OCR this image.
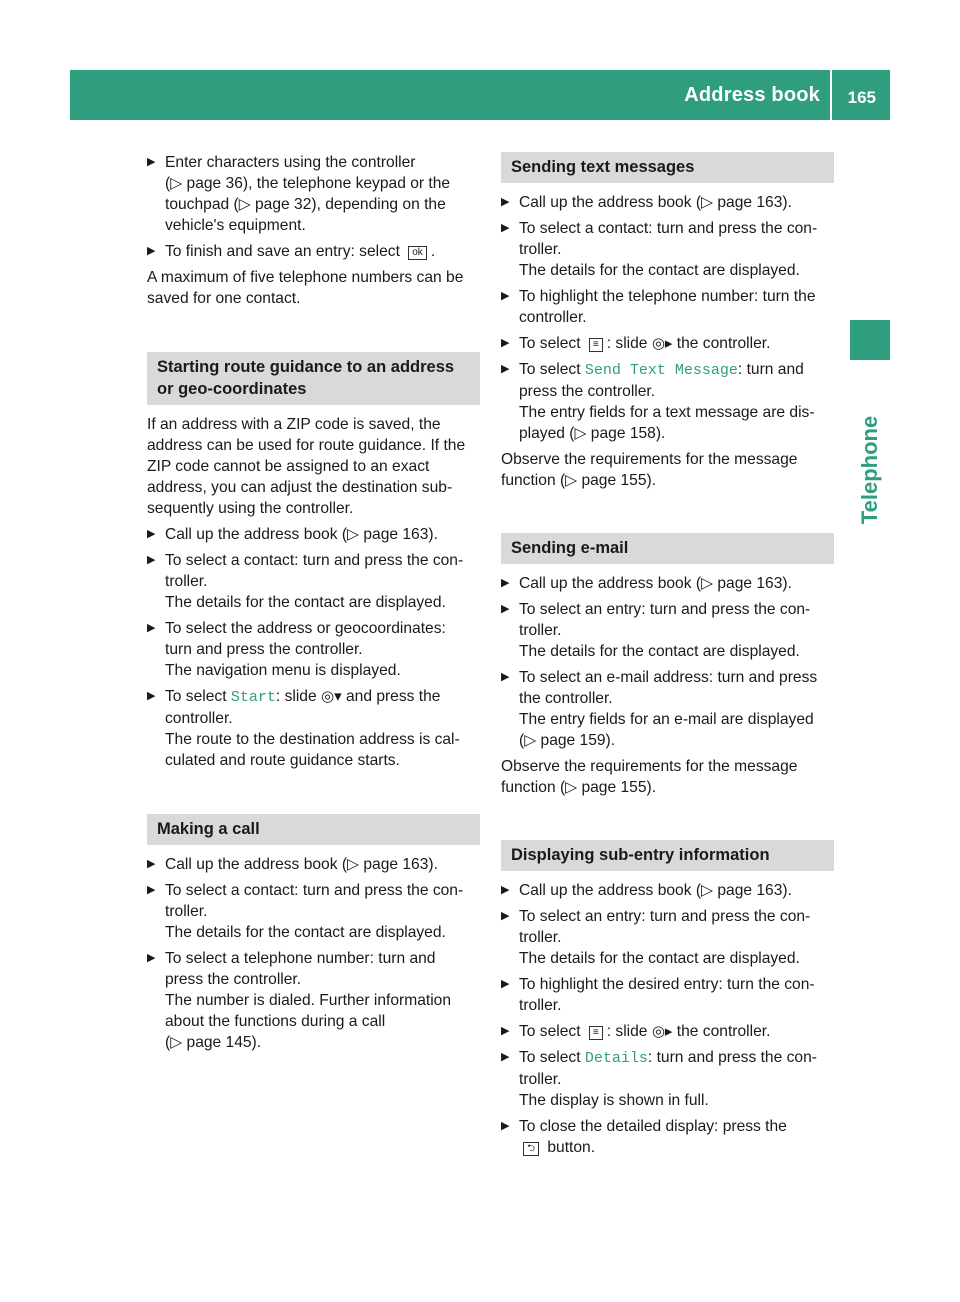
Address book 165
Telephone
▶ Enter characters using the controller
(▷ page 36), the telephone keypad or the
touchpad (▷ page 32), depending on the
vehicle's equipment.
▶ To finish and save an entry: select ok .
A maximum of five telephone numbers can be
saved for one contact.
Starting route guidance to an address
or geo-coordinates
If an address with a ZIP code is saved, the
address can be used for route guidance. If the
ZIP code cannot be assigned to an exact
address, you can adjust the destination sub-
sequently using the controller.
▶ Call up the address book (▷ page 163).
▶ To select a contact: turn and press the con-
troller.
The details for the contact are displayed.
▶ To select the address or geocoordinates:
turn and press the controller.
The navigation menu is displayed.
▶ To select Start: slide ◎▾ and press the
controller.
The route to the destination address is cal-
culated and route guidance starts.
Making a call
▶ Call up the address book (▷ page 163).
▶ To select a contact: turn and press the con-
troller.
The details for the contact are displayed.
▶ To select a telephone number: turn and
press the controller.
The number is dialed. Further information
about the functions during a call
(▷ page 145).
Sending text messages
▶ Call up the address book (▷ page 163).
▶ To select a contact: turn and press the con-
troller.
The details for the contact are displayed.
▶ To highlight the telephone number: turn the
controller.
▶ To select ≡ : slide ◎▸ the controller.
▶ To select Send Text Message: turn and
press the controller.
The entry fields for a text message are dis-
played (▷ page 158).
Observe the requirements for the message
function (▷ page 155).
Sending e-mail
▶ Call up the address book (▷ page 163).
▶ To select an entry: turn and press the con-
troller.
The details for the contact are displayed.
▶ To select an e-mail address: turn and press
the controller.
The entry fields for an e-mail are displayed
(▷ page 159).
Observe the requirements for the message
function (▷ page 155).
Displaying sub-entry information
▶ Call up the address book (▷ page 163).
▶ To select an entry: turn and press the con-
troller.
The details for the contact are displayed.
▶ To highlight the desired entry: turn the con-
troller.
▶ To select ≡ : slide ◎▸ the controller.
▶ To select Details: turn and press the con-
troller.
The display is shown in full.
▶ To close the detailed display: press the
⮌ button.
